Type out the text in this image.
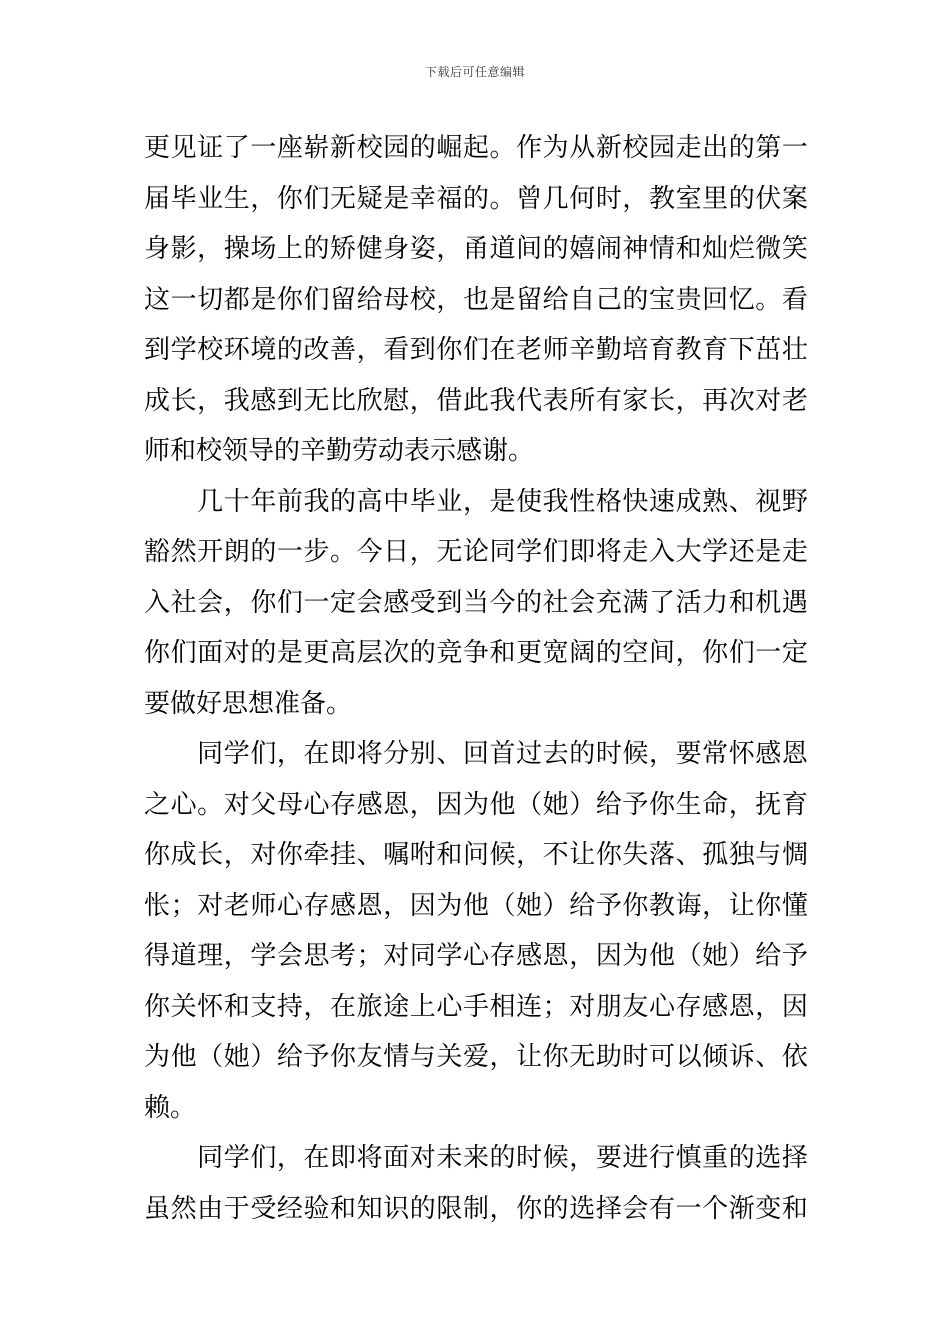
下载后可任意编辑
更 见 证 了 一 座 崭 新 校 园 的 崛 起 。 作 为 从 新 校 园 走 出 的 第 一
届 毕 业 生 ， 你 们 无 疑 是 幸 福 的 。 曾 几 何 时 ， 教 室 里 的 伏 案
身 影 ， 操 场 上 的 矫 健 身 姿 ， 甬 道 间 的 嬉 闹 神 情 和 灿 烂 微 笑
这 一 切 都 是 你 们 留 给 母 校 ， 也 是 留 给 自 己 的 宝 贵 回 忆 。 看
到 学 校 环 境 的 改 善 ， 看 到 你 们 在 老 师 辛 勤 培 育 教 育 下 茁 壮
成 长 ， 我 感 到 无 比 欣 慰 ， 借 此 我 代 表 所 有 家 长 ， 再 次 对 老
师和校领导的辛勤劳动表示感谢。

几 十 年 前 我 的 高 中 毕 业 ， 是 使 我 性 格 快 速 成 熟 、 视 野
豁 然 开 朗 的 一 步 。 今 日 ， 无 论 同 学 们 即 将 走 入 大 学 还 是 走
入 社 会 ， 你 们 一 定 会 感 受 到 当 今 的 社 会 充 满 了 活 力 和 机 遇
你 们 面 对 的 是 更 高 层 次 的 竞 争 和 更 宽 阔 的 空 间 ， 你 们 一 定
要做好思想准备。

同 学 们 ， 在 即 将 分 别 、 回 首 过 去 的 时 候 ， 要 常 怀 感 恩
之 心 。 对 父 母 心 存 感 恩 ， 因 为 他 （ 她 ） 给 予 你 生 命 ， 抚 育
你 成 长 ， 对 你 牵 挂 、 嘱 咐 和 问 候 ， 不 让 你 失 落 、 孤 独 与 惆
怅 ； 对 老 师 心 存 感 恩 ， 因 为 他 （ 她 ） 给 予 你 教 诲 ， 让 你 懂
得 道 理 ， 学 会 思 考 ； 对 同 学 心 存 感 恩 ， 因 为 他 （ 她 ） 给 予
你 关 怀 和 支 持 ， 在 旅 途 上 心 手 相 连 ； 对 朋 友 心 存 感 恩 ， 因
为 他 （ 她 ） 给 予 你 友 情 与 关 爱 ， 让 你 无 助 时 可 以 倾 诉 、 依
赖。

同 学 们 ， 在 即 将 面 对 未 来 的 时 候 ， 要 进 行 慎 重 的 选 择
虽 然 由 于 受 经 验 和 知 识 的 限 制 ， 你 的 选 择 会 有 一 个 渐 变 和
